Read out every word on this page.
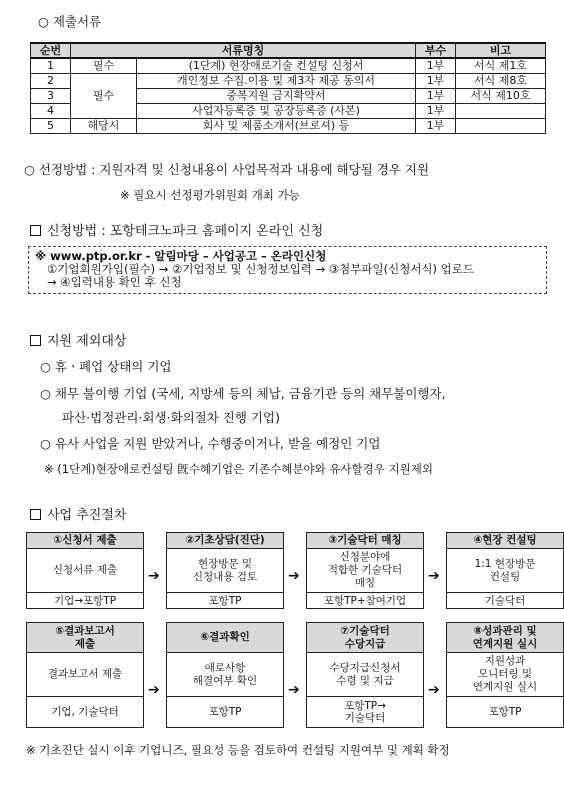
○ 제출서류
순번	서류명칭		부수	비고
1	필수	(1단계) 현장애로기술 컨설팅 신청서	1부	서식 제1호
2	필수	개인정보 수집.이용 및 제3자 제공 동의서	1부	서식 제8호
3		중복지원 금지확약서	1부	서식 제10호
4		사업자등록증 및 공장등록증 (사본)	1부	
5	해당시	회사 및 제품소개서(브로셔) 등	1부	
○ 선정방법 : 지원자격 및 신청내용이 사업목적과 내용에 해당될 경우 지원
※ 필요시 선정평가위원회 개최 가능
신청방법 : 포항테크노파크 홈페이지 온라인 신청
※ www.ptp.or.kr - 알림마당 – 사업공고 – 온라인신청
①기업회원가입(필수) → ②기업정보 및 신청정보입력 → ③첨부파일(신청서식) 업로드
→ ④입력내용 확인 후 신청
지원 제외대상
○ 휴ㆍ폐업 상태의 기업
○ 채무 불이행 기업 (국세, 지방세 등의 체납, 금융기관 등의 채무불이행자,
파산·법정관리·회생·화의절차 진행 기업)
○ 유사 사업을 지원 받았거나, 수행중이거나, 받을 예정인 기업
※ (1단계)현장애로컨설팅 旣수혜기업은 기존수혜분야와 유사할경우 지원제외
사업 추진절차
①신청서 제출
신청서류 제출
기업→포항TP
②기초상담(진단)
현장방문 및
신청내용 검토
포항TP
③기술닥터 매칭
신청분야에
적합한 기술닥터
매칭
포항TP+참여기업
④현장 컨설팅
1:1 현장방문
컨설팅
기술닥터
➔	➔	➔
⑤결과보고서
제출
결과보고서 제출
기업, 기술닥터
⑥결과확인
애로사항
해결여부 확인
포항TP
⑦기술닥터
수당지급
수당지급신청서
수령 및 지급
포항TP→
기술닥터
⑧성과관리 및
연계지원 실시
지원성과
모니터링 및
연계지원 실시
포항TP
➔	➔	➔
※ 기초진단 실시 이후 기업니즈, 필요성 등을 검토하여 컨설팅 지원여부 및 계획 확정
